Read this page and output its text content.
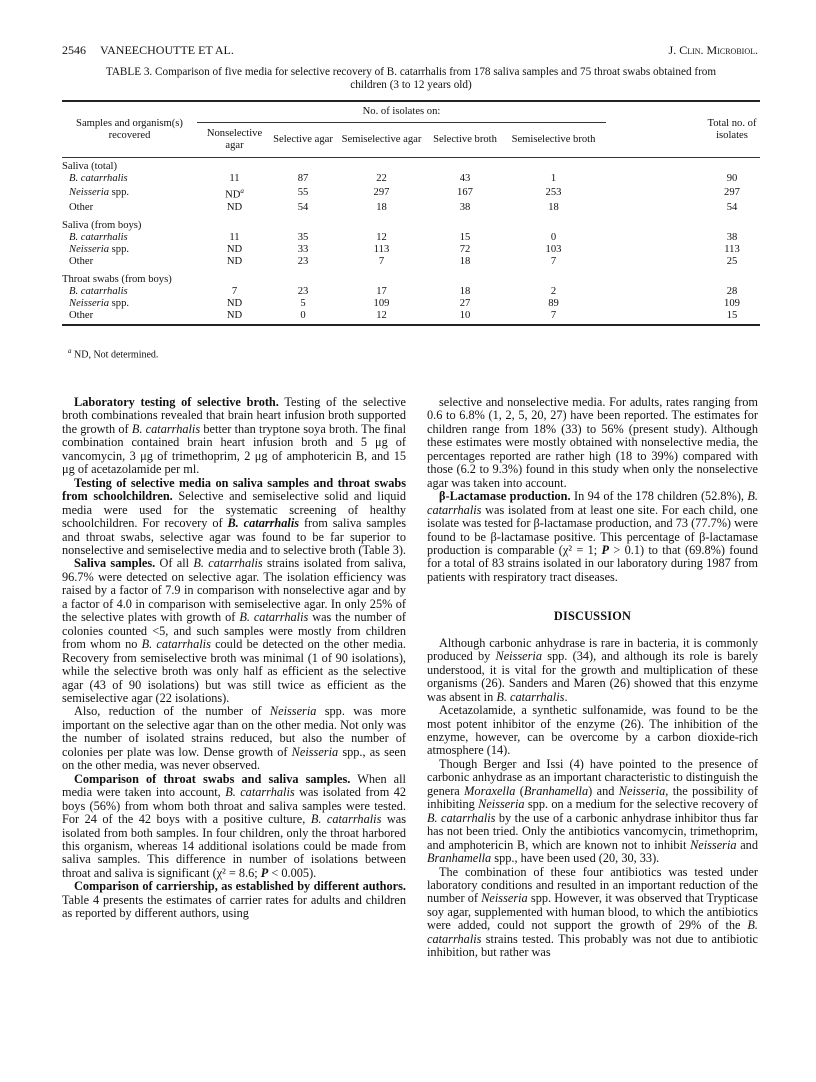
2546 VANEECHOUTTE ET AL.	J. Clin. Microbiol.
TABLE 3. Comparison of five media for selective recovery of B. catarrhalis from 178 saliva samples and 75 throat swabs obtained from
children (3 to 12 years old)
Samples and organism(s) recovered	No. of isolates on:					Total no. of isolates
	Nonselective agar	Selective agar	Semiselective agar	Selective broth	Semiselective broth	
Saliva (total)						
B. catarrhalis	11	87	22	43	1	90
Neisseria spp.	$ND^a$	55	297	167	253	297
Other	ND	54	18	38	18	54

Saliva (from boys)						
B. catarrhalis	11	35	12	15	0	38
Neisseria spp.	ND	33	113	72	103	113
Other	ND	23	7	18	7	25

Throat swabs (from boys)						
B. catarrhalis	7	23	17	18	2	28
Neisseria spp.	ND	5	109	27	89	109
Other	ND	0	12	10	7	15
$^a$ ND, Not determined.

Laboratory testing of selective broth. Testing of the selective broth combinations revealed that brain heart infusion broth supported the growth of B. catarrhalis better than tryptone soya broth. The final combination contained brain heart infusion broth and 5 μg of vancomycin, 3 μg of trimethoprim, 2 μg of amphotericin B, and 15 μg of acetazolamide per ml.

Testing of selective media on saliva samples and throat swabs from schoolchildren. Selective and semiselective solid and liquid media were used for the systematic screening of healthy schoolchildren. For recovery of B. catarrhalis from saliva samples and throat swabs, selective agar was found to be far superior to nonselective and semiselective media and to selective broth (Table 3).

Saliva samples. Of all B. catarrhalis strains isolated from saliva, 96.7% were detected on selective agar. The isolation efficiency was raised by a factor of 7.9 in comparison with nonselective agar and by a factor of 4.0 in comparison with semiselective agar. In only 25% of the selective plates with growth of B. catarrhalis was the number of colonies counted <5, and such samples were mostly from children from whom no B. catarrhalis could be detected on the other media. Recovery from semiselective broth was minimal (1 of 90 isolations), while the selective broth was only half as efficient as the selective agar (43 of 90 isolations) but was still twice as efficient as the semiselective agar (22 isolations).

Also, reduction of the number of Neisseria spp. was more important on the selective agar than on the other media. Not only was the number of isolated strains reduced, but also the number of colonies per plate was low. Dense growth of Neisseria spp., as seen on the other media, was never observed.

Comparison of throat swabs and saliva samples. When all media were taken into account, B. catarrhalis was isolated from 42 boys (56%) from whom both throat and saliva samples were tested. For 24 of the 42 boys with a positive culture, B. catarrhalis was isolated from both samples. In four children, only the throat harbored this organism, whereas 14 additional isolations could be made from saliva samples. This difference in number of isolations between throat and saliva is significant (χ² = 8.6; P < 0.005).

Comparison of carriership, as established by different authors. Table 4 presents the estimates of carrier rates for adults and children as reported by different authors, using

selective and nonselective media. For adults, rates ranging from 0.6 to 6.8% (1, 2, 5, 20, 27) have been reported. The estimates for children range from 18% (33) to 56% (present study). Although these estimates were mostly obtained with nonselective media, the percentages reported are rather high (18 to 39%) compared with those (6.2 to 9.3%) found in this study when only the nonselective agar was taken into account.

β-Lactamase production. In 94 of the 178 children (52.8%), B. catarrhalis was isolated from at least one site. For each child, one isolate was tested for β-lactamase production, and 73 (77.7%) were found to be β-lactamase positive. This percentage of β-lactamase production is comparable (χ² = 1; P > 0.1) to that (69.8%) found for a total of 83 strains isolated in our laboratory during 1987 from patients with respiratory tract diseases.

DISCUSSION

Although carbonic anhydrase is rare in bacteria, it is commonly produced by Neisseria spp. (34), and although its role is barely understood, it is vital for the growth and multiplication of these organisms (26). Sanders and Maren (26) showed that this enzyme was absent in B. catarrhalis.

Acetazolamide, a synthetic sulfonamide, was found to be the most potent inhibitor of the enzyme (26). The inhibition of the enzyme, however, can be overcome by a carbon dioxide-rich atmosphere (14).

Though Berger and Issi (4) have pointed to the presence of carbonic anhydrase as an important characteristic to distinguish the genera Moraxella (Branhamella) and Neisseria, the possibility of inhibiting Neisseria spp. on a medium for the selective recovery of B. catarrhalis by the use of a carbonic anhydrase inhibitor thus far has not been tried. Only the antibiotics vancomycin, trimethoprim, and amphotericin B, which are known not to inhibit Neisseria and Branhamella spp., have been used (20, 30, 33).

The combination of these four antibiotics was tested under laboratory conditions and resulted in an important reduction of the number of Neisseria spp. However, it was observed that Trypticase soy agar, supplemented with human blood, to which the antibiotics were added, could not support the growth of 29% of the B. catarrhalis strains tested. This probably was not due to antibiotic inhibition, but rather was
